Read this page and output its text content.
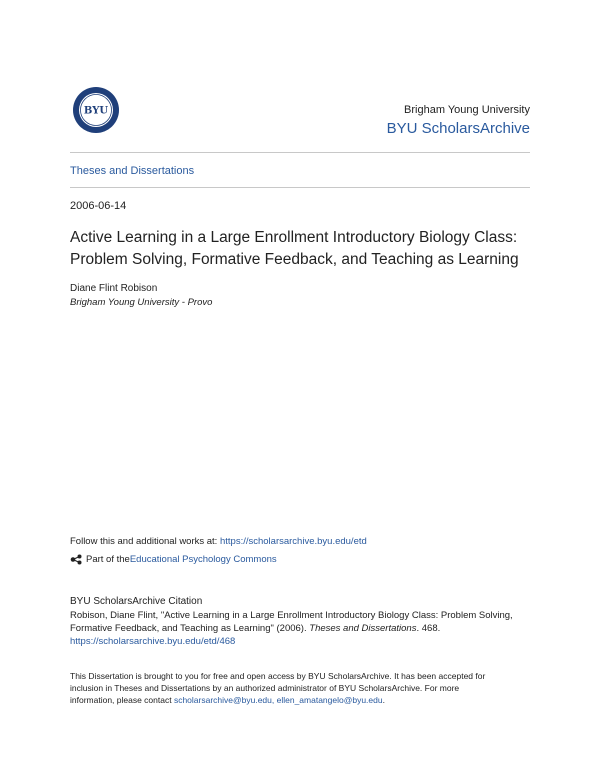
BYU	Brigham Young University
BYU ScholarsArchive
Theses and Dissertations
2006-06-14
Active Learning in a Large Enrollment Introductory Biology Class:
Problem Solving, Formative Feedback, and Teaching as Learning
Diane Flint Robison
Brigham Young University - Provo
Follow this and additional works at: https://scholarsarchive.byu.edu/etd
Part of the Educational Psychology Commons
BYU ScholarsArchive Citation
Robison, Diane Flint, "Active Learning in a Large Enrollment Introductory Biology Class: Problem Solving,
Formative Feedback, and Teaching as Learning" (2006). Theses and Dissertations. 468.
https://scholarsarchive.byu.edu/etd/468
This Dissertation is brought to you for free and open access by BYU ScholarsArchive. It has been accepted for
inclusion in Theses and Dissertations by an authorized administrator of BYU ScholarsArchive. For more
information, please contact scholarsarchive@byu.edu, ellen_amatangelo@byu.edu.
